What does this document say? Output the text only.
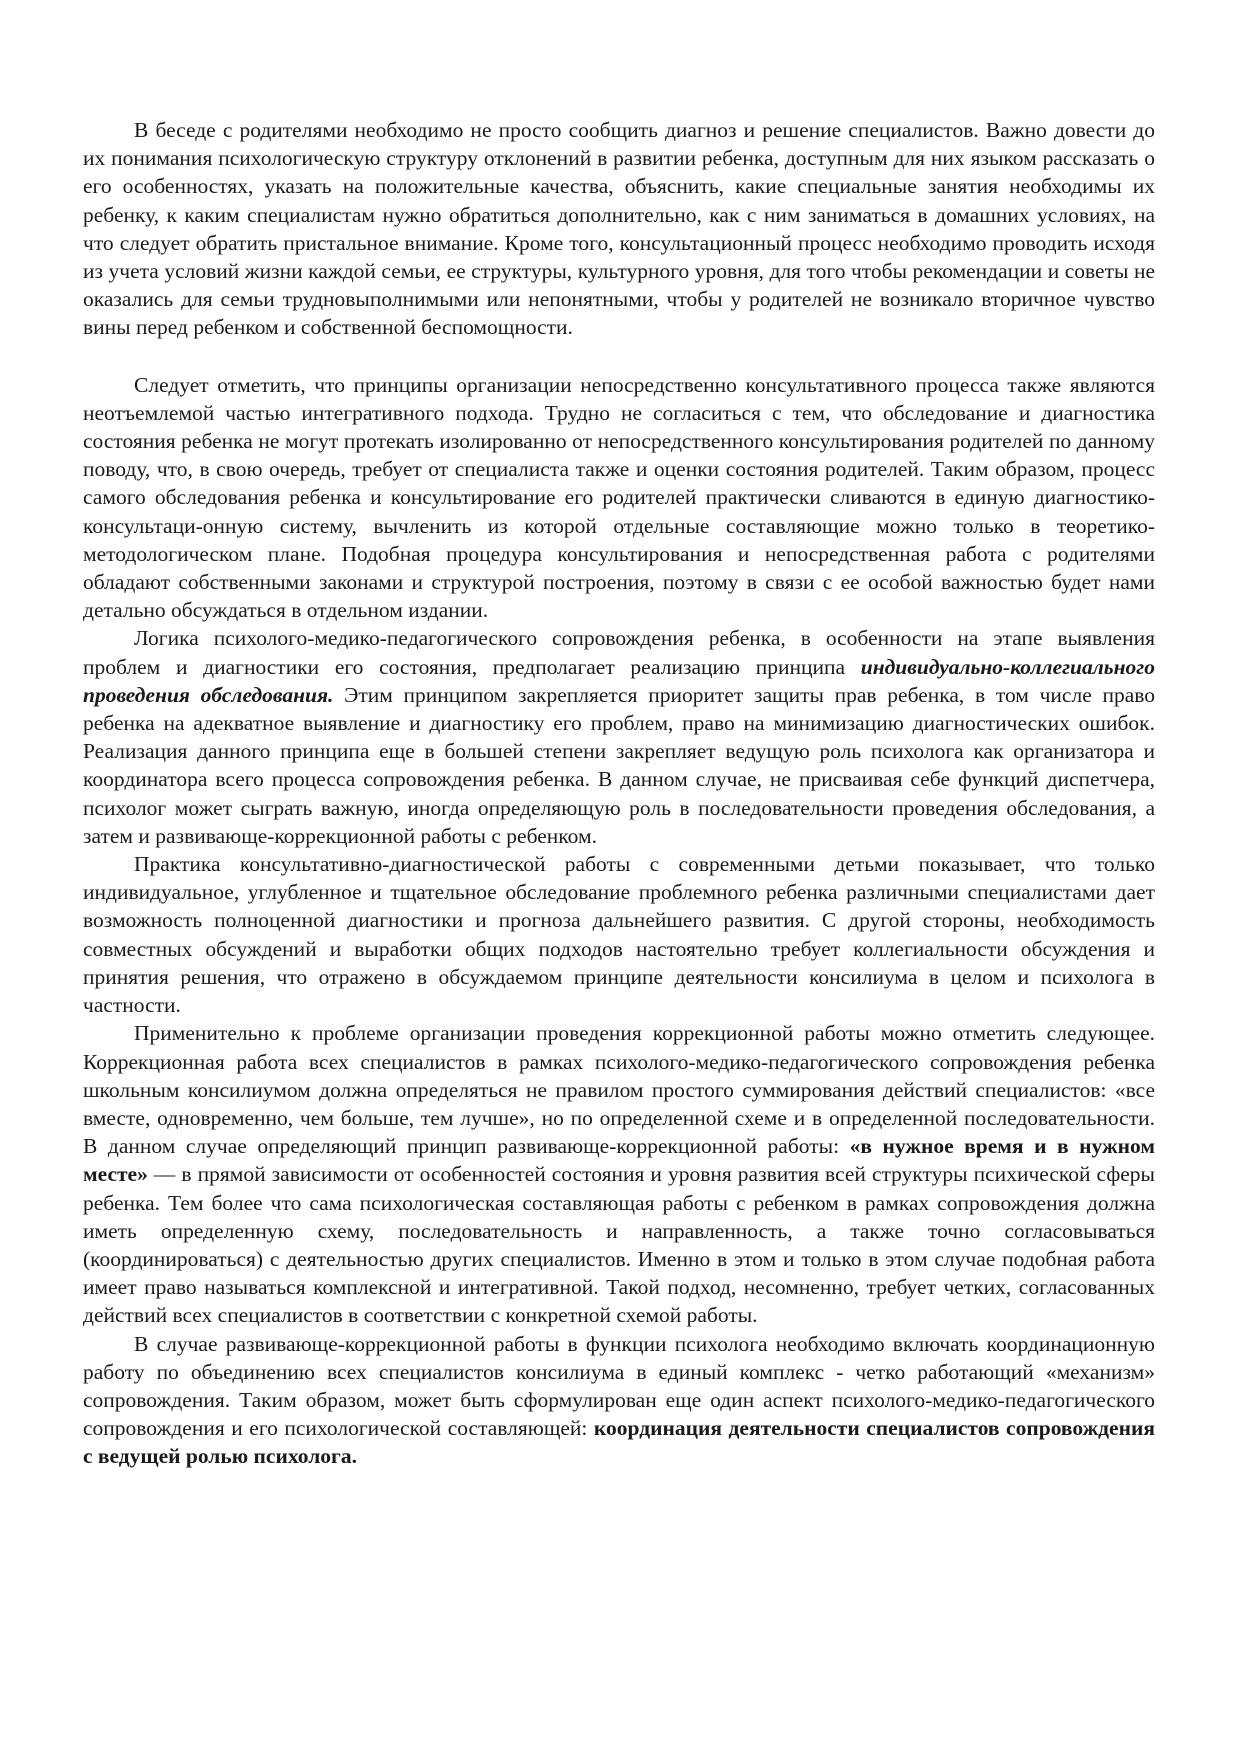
В беседе с родителями необходимо не просто сообщить диагноз и решение специалистов. Важно довести до их понимания психологическую структуру отклонений в развитии ребенка, доступным для них языком рассказать о его особенностях, указать на положительные качества, объяснить, какие специальные занятия необходимы их ребенку, к каким специалистам нужно обратиться дополнительно, как с ним заниматься в домашних условиях, на что следует обратить пристальное внимание. Кроме того, консультационный процесс необходимо проводить исходя из учета условий жизни каждой семьи, ее структуры, культурного уровня, для того чтобы рекомендации и советы не оказались для семьи трудновыполнимыми или непонятными, чтобы у родителей не возникало вторичное чувство вины перед ребенком и собственной беспомощности.

Следует отметить, что принципы организации непосредственно консультативного процесса также являются неотъемлемой частью интегративного подхода. Трудно не согласиться с тем, что обследование и диагностика состояния ребенка не могут протекать изолированно от непосредственного консультирования родителей по данному поводу, что, в свою очередь, требует от специалиста также и оценки состояния родителей. Таким образом, процесс самого обследования ребенка и консультирование его родителей практически сливаются в единую диагностико-консультаци-онную систему, вычленить из которой отдельные составляющие можно только в теоретико-методологическом плане. Подобная процедура консультирования и непосредственная работа с родителями обладают собственными законами и структурой построения, поэтому в связи с ее особой важностью будет нами детально обсуждаться в отдельном издании.

Логика психолого-медико-педагогического сопровождения ребенка, в особенности на этапе выявления проблем и диагностики его состояния, предполагает реализацию принципа индивидуально-коллегиального проведения обследования. Этим принципом закрепляется приоритет защиты прав ребенка, в том числе право ребенка на адекватное выявление и диагностику его проблем, право на минимизацию диагностических ошибок. Реализация данного принципа еще в большей степени закрепляет ведущую роль психолога как организатора и координатора всего процесса сопровождения ребенка. В данном случае, не присваивая себе функций диспетчера, психолог может сыграть важную, иногда определяющую роль в последовательности проведения обследования, а затем и развивающе-коррекционной работы с ребенком.

Практика консультативно-диагностической работы с современными детьми показывает, что только индивидуальное, углубленное и тщательное обследование проблемного ребенка различными специалистами дает возможность полноценной диагностики и прогноза дальнейшего развития. С другой стороны, необходимость совместных обсуждений и выработки общих подходов настоятельно требует коллегиальности обсуждения и принятия решения, что отражено в обсуждаемом принципе деятельности консилиума в целом и психолога в частности.

Применительно к проблеме организации проведения коррекционной работы можно отметить следующее. Коррекционная работа всех специалистов в рамках психолого-медико-педагогического сопровождения ребенка школьным консилиумом должна определяться не правилом простого суммирования действий специалистов: «все вместе, одновременно, чем больше, тем лучше», но по определенной схеме и в определенной последовательности. В данном случае определяющий принцип развивающе-коррекционной работы: «в нужное время и в нужном месте» — в прямой зависимости от особенностей состояния и уровня развития всей структуры психической сферы ребенка. Тем более что сама психологическая составляющая работы с ребенком в рамках сопровождения должна иметь определенную схему, последовательность и направленность, а также точно согласовываться (координироваться) с деятельностью других специалистов. Именно в этом и только в этом случае подобная работа имеет право называться комплексной и интегративной. Такой подход, несомненно, требует четких, согласованных действий всех специалистов в соответствии с конкретной схемой работы.

В случае развивающе-коррекционной работы в функции психолога необходимо включать координационную работу по объединению всех специалистов консилиума в единый комплекс - четко работающий «механизм» сопровождения. Таким образом, может быть сформулирован еще один аспект психолого-медико-педагогического сопровождения и его психологической составляющей: координация деятельности специалистов сопровождения с ведущей ролью психолога.
